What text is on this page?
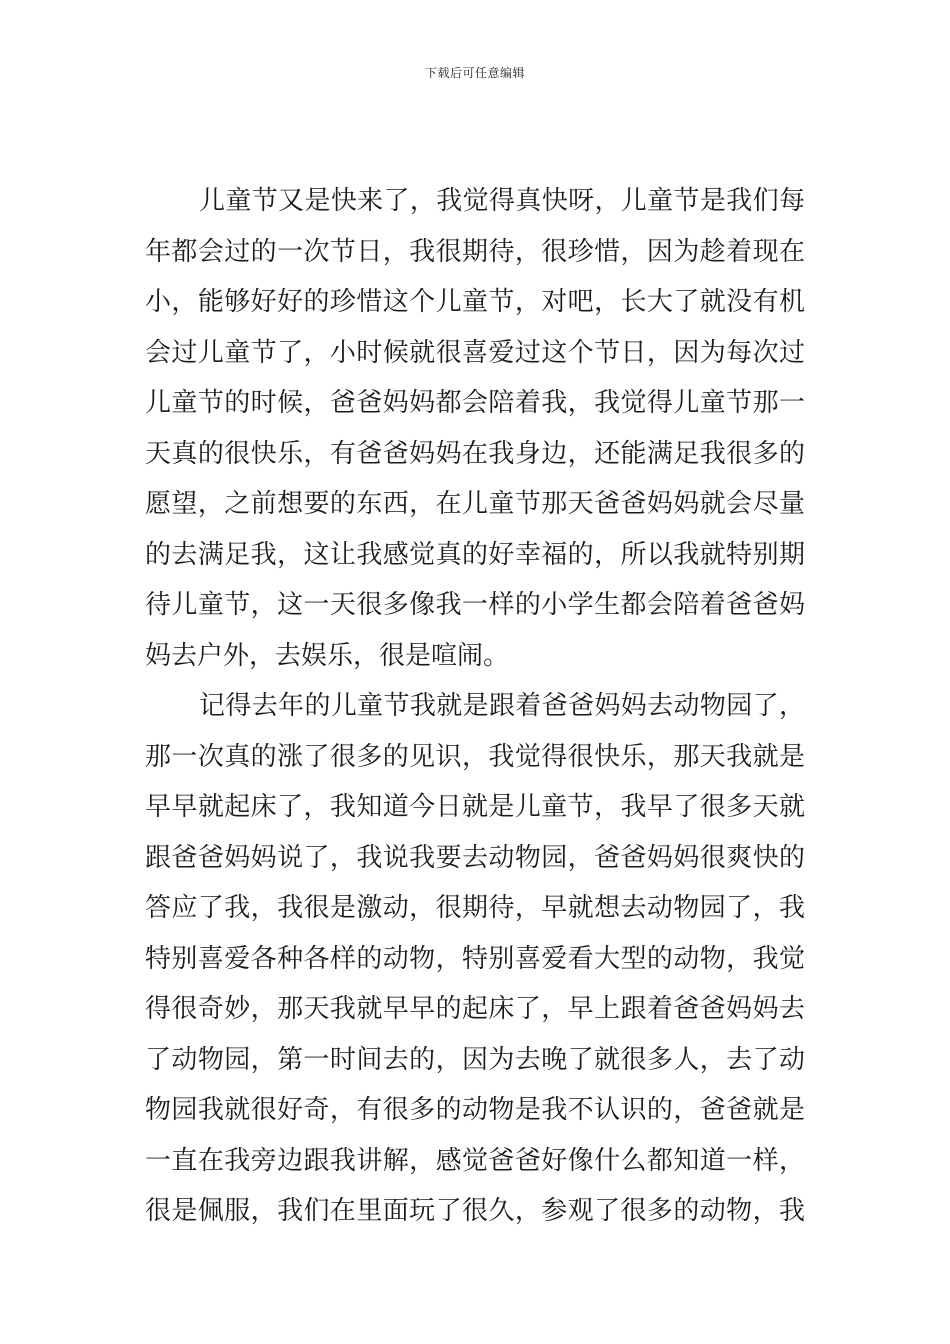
下载后可任意编辑
儿童节又是快来了，我觉得真快呀，儿童节是我们每
年都会过的一次节日，我很期待，很珍惜，因为趁着现在
小，能够好好的珍惜这个儿童节，对吧，长大了就没有机
会过儿童节了，小时候就很喜爱过这个节日，因为每次过
儿童节的时候，爸爸妈妈都会陪着我，我觉得儿童节那一
天真的很快乐，有爸爸妈妈在我身边，还能满足我很多的
愿望，之前想要的东西，在儿童节那天爸爸妈妈就会尽量
的去满足我，这让我感觉真的好幸福的，所以我就特别期
待儿童节，这一天很多像我一样的小学生都会陪着爸爸妈
妈去户外，去娱乐，很是喧闹。
记得去年的儿童节我就是跟着爸爸妈妈去动物园了，
那一次真的涨了很多的见识，我觉得很快乐，那天我就是
早早就起床了，我知道今日就是儿童节，我早了很多天就
跟爸爸妈妈说了，我说我要去动物园，爸爸妈妈很爽快的
答应了我，我很是激动，很期待，早就想去动物园了，我
特别喜爱各种各样的动物，特别喜爱看大型的动物，我觉
得很奇妙，那天我就早早的起床了，早上跟着爸爸妈妈去
了动物园，第一时间去的，因为去晚了就很多人，去了动
物园我就很好奇，有很多的动物是我不认识的，爸爸就是
一直在我旁边跟我讲解，感觉爸爸好像什么都知道一样，
很是佩服，我们在里面玩了很久，参观了很多的动物，我
